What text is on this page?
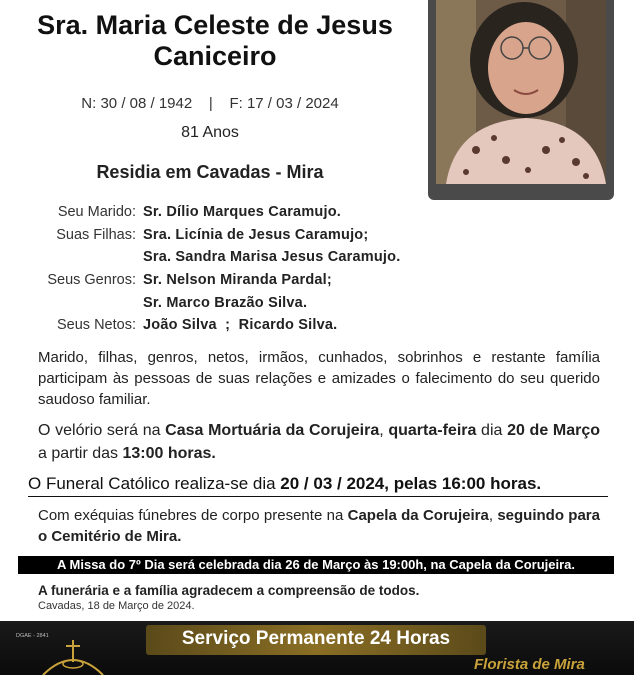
Sra. Maria Celeste de Jesus
Caniceiro
N: 30 / 08 / 1942    |    F: 17 / 03 / 2024
81 Anos
Residia em Cavadas - Mira
Seu Marido: Sr. Dílio Marques Caramujo.
Suas Filhas: Sra. Licínia de Jesus Caramujo;
Sra. Sandra Marisa Jesus Caramujo.
Seus Genros: Sr. Nelson Miranda Pardal;
Sr. Marco Brazão Silva.
Seus Netos: João Silva  ;  Ricardo Silva.
Marido, filhas, genros, netos, irmãos, cunhados, sobrinhos e restante família participam às pessoas de suas relações e amizades o falecimento do seu querido saudoso familiar.
O velório será na Casa Mortuária da Corujeira, quarta-feira dia 20 de Março a partir das 13:00 horas.
O Funeral Católico realiza-se dia 20 / 03 / 2024, pelas 16:00 horas.
Com exéquias fúnebres de corpo presente na Capela da Corujeira, seguindo para o Cemitério de Mira.
A Missa do 7º Dia será celebrada dia 26 de Março às 19:00h, na Capela da Corujeira.
A funerária e a família agradecem a compreensão de todos.
Cavadas, 18 de Março de 2024.
DGAE - 2841	Serviço Permanente 24 Horas
Florista de Mira
